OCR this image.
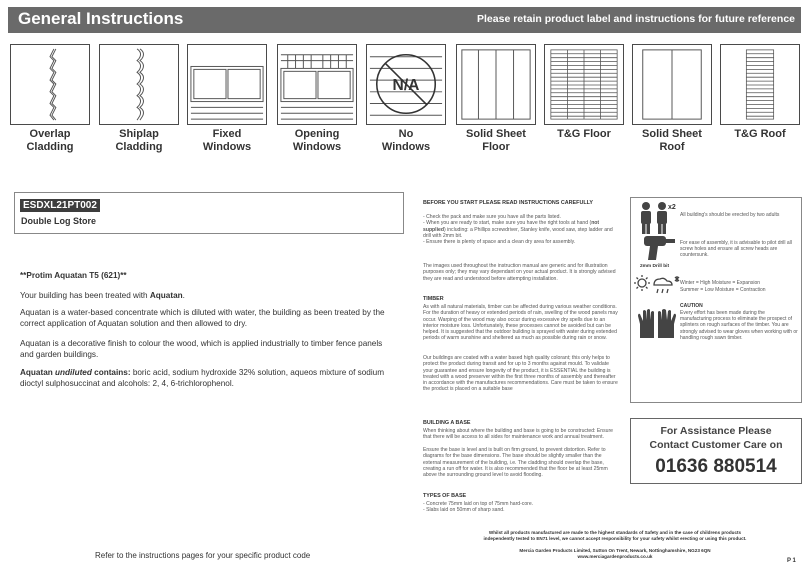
General Instructions	Please retain product label and instructions for future reference
N/A
Overlap
Cladding
Shiplap
Cladding
Fixed
Windows
Opening
Windows
No
Windows
Solid Sheet
Floor
T&G Floor	Solid Sheet
Roof
T&G Roof

ESDXL21PT002
Double Log Store
**Protim Aquatan T5 (621)**
Your building has been treated with Aquatan.
Aquatan is a water-based concentrate which is diluted with water, the building as been treated by the correct application of Aquatan solution and then allowed to dry.
Aquatan is a decorative finish to colour the wood, which is applied industrially to timber fence panels and garden buildings.
Aquatan undiluted contains: boric acid, sodium hydroxide 32% solution, aqueos mixture of sodium dioctyl sulphosuccinat and alcohols: 2, 4, 6-trichlorophenol.
Refer to the instructions pages for your specific product code
BEFORE YOU START PLEASE READ INSTRUCTIONS CAREFULLY
- Check the pack and make sure you have all the parts listed.
- When you are ready to start, make sure you have the right tools at hand (not supplied) including: a Phillips screwdriver, Stanley knife, wood saw, step ladder and drill with 2mm bit.
- Ensure there is plenty of space and a clean dry area for assembly.
The images used throughout the instruction manual are generic and for illustration purposes only; they may vary dependant on your actual product. It is strongly advised they are read and understood before attempting installation.
TIMBER
As with all natural materials, timber can be affected during various weather conditions. For the duration of heavy or extended periods of rain, swelling of the wood panels may occur. Warping of the wood may also occur during excessive dry spells due to an interior moisture loss. Unfortunately, these processes cannot be avoided but can be helped. It is suggested that the outdoor building is sprayed with water during extended periods of warm sunshine and sheltered as much as possible during rain or snow.
Our buildings are coated with a water based high quality colorant; this only helps to protect the product during transit and for up to 3 months against mould. To validate your guarantee and ensure longevity of the product, it is ESSENTIAL the building is treated with a wood preserver within the first three months of assembly and thereafter in accordance with the manufactures recommendations. Care must be taken to ensure the product is placed on a suitable base
BUILDING A BASE
When thinking about where the building and base is going to be constructed: Ensure that there will be access to all sides for maintenance work and annual treatment.
Ensure the base is level and is built on firm ground, to prevent distortion. Refer to diagrams for the base dimensions. The base should be slightly smaller than the external measurement of the building, i.e. The cladding should overlap the base, creating a run off for water. It is also recommended that the floor be at least 25mm above the surrounding ground level to avoid flooding.
TYPES OF BASE
- Concrete 75mm laid on top of 75mm hard-core.
- Slabs laid on 50mm of sharp sand.
x2
All building's should be erected by two adults
2mm Drill bit
For ease of assembly, it is advisable to pilot drill all screw holes and ensure all screw heads are countersunk.
Winter = High Moisture = Expansion
Summer = Low Moisture = Contraction
CAUTION
Every effort has been made during the manufacturing process to eliminate the prospect of splinters on rough surfaces of the timber. You are strongly advised to wear gloves when working with or handling rough sawn timber.
For Assistance Please
Contact Customer Care on
01636 880514
Whilst all products manufactured are made to the highest standards of Safety and in the case of childrens products
independently tested to EN71 level, we cannot accept responsibility for your safety whilst erecting or using this product.
Mercia Garden Products Limited, Sutton On Trent, Newark, Nottinghamshire, NG23 6QN
www.merciagardenproducts.co.uk
P 1
